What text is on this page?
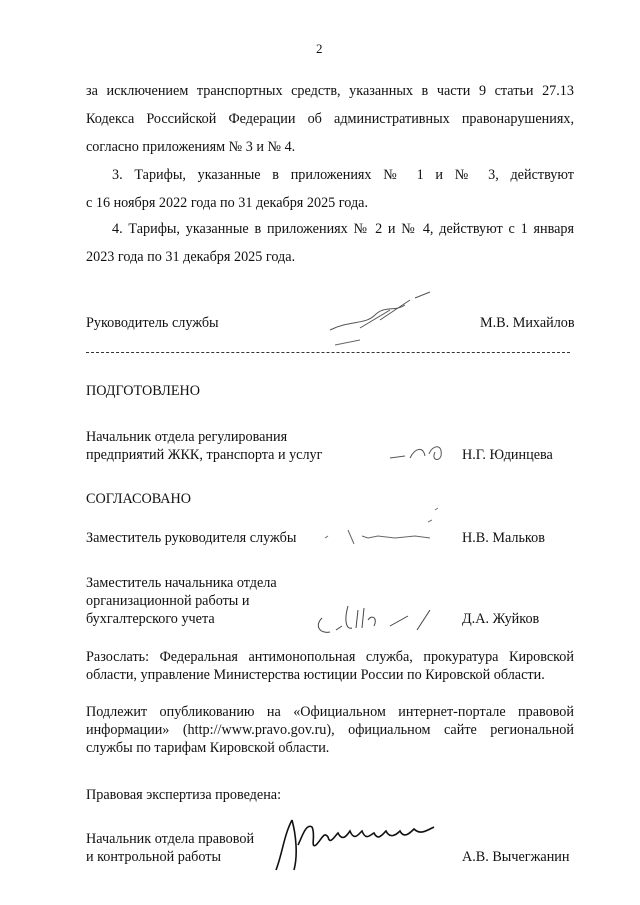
2
за исключением транспортных средств, указанных в части 9 статьи 27.13
Кодекса Российской Федерации об административных правонарушениях,
согласно приложениям № 3 и № 4.
3. Тарифы, указанные в приложениях № 1 и № 3, действуют
с 16 ноября 2022 года по 31 декабря 2025 года.
4. Тарифы, указанные в приложениях № 2 и № 4, действуют с 1 января
2023 года по 31 декабря 2025 года.
Руководитель службы	М.В. Михайлов
ПОДГОТОВЛЕНО
Начальник отдела регулирования
предприятий ЖКК, транспорта и услуг	Н.Г. Юдинцева
СОГЛАСОВАНО
Заместитель руководителя службы	Н.В. Мальков
Заместитель начальника отдела
организационной работы и
бухгалтерского учета	Д.А. Жуйков
Разослать: Федеральная антимонопольная служба, прокуратура Кировской
области, управление Министерства юстиции России по Кировской области.
Подлежит опубликованию на «Официальном интернет-портале правовой
информации» (http://www.pravo.gov.ru), официальном сайте региональной
службы по тарифам Кировской области.
Правовая экспертиза проведена:
Начальник отдела правовой
и контрольной работы	А.В. Вычегжанин
